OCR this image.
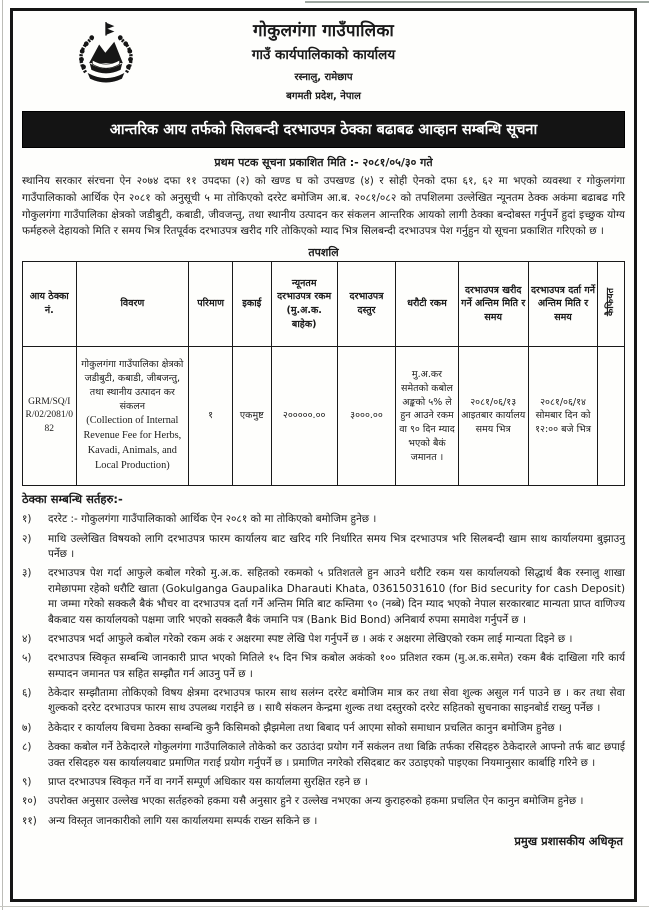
गोकुलगंगा गाउँपालिका
गाउँ कार्यपालिकाको कार्यालय
रस्नालु, रामेछाप
बगमती प्रदेश, नेपाल
आन्तरिक आय तर्फको सिलबन्दी दरभाउपत्र ठेक्का बढाबढ आव्हान सम्बन्धि सूचना
प्रथम पटक सूचना प्रकाशित मिति :- २०८१/०५/३० गते

स्थानिय सरकार संरचना ऐन २०७४ दफा ११ उपदफा (२) को खण्ड घ को उपखण्ड (४) र सोही ऐनको दफा ६१, ६२ मा भएको व्यवस्था र गोकुलगंगा गाउँपालिकाको आर्थिक ऐन २०८१ को अनुसूची ५ मा तोकिएको दररेट बमोजिम आ.ब. २०८१/०८२ को तपशिलमा उल्लेखित न्यूनतम ठेक्क अकंमा बढाबढ गरि गोकुलगंगा गाउँपालिका क्षेत्रको जडीबुटी, कबाडी, जीवजन्तु, तथा स्थानीय उत्पादन कर संकलन आन्तरिक आयको लागी ठेक्का बन्दोबस्त गर्नुपर्ने हुदां इच्छुक योग्य फर्महरुले देहायको मिति र समय भित्र रितपूर्वक दरभाउपत्र खरीद गरि तोकिएको म्याद भित्र सिलबन्दी दरभाउपत्र पेश गर्नुहुन यो सूचना प्रकाशित गरिएको छ ।

तपशलि
आय ठेक्का नं.	विवरण	परिमाण	इकाई	न्यूनतम दरभाउपत्र रकम (मु.अ.क. बाहेक)	दरभाउपत्र दस्तुर	धरौटी रकम	दरभाउपत्र खरीद गर्ने अन्तिम मिति र समय	दरभाउपत्र दर्ता गर्ने अन्तिम मिति र समय	कैफियत
GRM/SQ/IR/02/2081/082	गोकुलगंगा गाउँपालिका क्षेत्रको जडीबुटी, कबाडी, जीबजन्तु, तथा स्थानीय उत्पादन कर संकलन
(Collection of Internal Revenue Fee for Herbs, Kavadi, Animals, and Local Production)	१	एकमुष्ट	२०००००.००	३०००.००	मु.अ.कर समेतको कबोल अङ्कको ५% ले हुन आउने रकम वा ९० दिन म्याद भएको बैकं जमानत ।	२०८१/०६/१३ आइतबार कार्यालय समय भित्र	२०८१/०६/१४ सोमबार दिन को १२:०० बजे भित्र	
ठेक्का सम्बन्धि सर्तहरु:-
१)	दररेट :- गोकुलगंगा गाउँपालिकाको आर्थिक ऐन २०८१ को मा तोकिएको बमोजिम हुनेछ ।
२)	माथि उल्लेखित विषयको लागि दरभाउपत्र फारम कार्यालय बाट खरिद गरि निर्धारित समय भित्र दरभाउपत्र भरि सिलबन्दी खाम साथ कार्यालयमा बुझाउनु पर्नेछ ।
३)	दरभाउपत्र पेश गर्दा आफुले कबोल गरेको मु.अ.क. सहितको रकमको ५ प्रतिशतले हुन आउने धरौटि रकम यस कार्यालयको सिद्धार्थ बैक रस्नालु शाखा रामेछापमा रहेको धरौटि खाता (Gokulganga Gaupalika Dharauti Khata, 03615031610 (for Bid security for cash Deposit) मा जम्मा गरेको सक्कलै बैकं भौचर वा दरभाउपत्र दर्ता गर्ने अन्तिम मिति बाट कम्तिमा ९० (नब्बे) दिन म्याद भएको नेपाल सरकारबाट मान्यता प्राप्त वाणिज्य बैकबाट यस कार्यालयको पक्षमा जारि भएको सक्कलै बैकं जमानि पत्र (Bank Bid Bond) अनिबार्य रुपमा समावेश गर्नुपर्ने छ ।
४)	दरभाउपत्र भर्दा आफुले कबोल गरेको रकम अकं र अक्षरमा स्पष्ट लेखि पेश गर्नुपर्ने छ । अकं र अक्षरमा लेखिएको रकम लाई मान्यता दिइने छ ।
५)	दरभाउपत्र स्विकृत सम्बन्धि जानकारी प्राप्त भएको मितिले १५ दिन भित्र कबोल अकंको १०० प्रतिशत रकम (मु.अ.क.समेत) रकम बैकं दाखिला गरि कार्य सम्पादन जमानत पत्र सहित सम्झौत गर्न आउनु पर्ने छ ।
६)	ठेकेदार सम्झौतामा तोकिएको विषय क्षेत्रमा दरभाउपत्र फारम साथ सलंग्न दररेट बमोजिम मात्र कर तथा सेवा शुल्क असुल गर्न पाउने छ । कर तथा सेवा शुल्कको दररेट दरभाउपत्र फारम साथ उपलब्ध गराईने छ । साथै संकलन केन्द्रमा शुल्क तथा दस्तुरको दररेट सहितको सुचनाका साइनबोर्ड राख्नु पर्नेछ ।
७)	ठेकेदार र कार्यालय बिचमा ठेक्का सम्बन्धि कुनै किसिमको झैझमेला तथा बिबाद पर्न आएमा सोको समाधान प्रचलित कानुन बमोजिम हुनेछ ।
८)	ठेक्का कबोल गर्ने ठेकेदारले गोकुलगंगा गाउँपालिकाले तोकेको कर उठाउंदा प्रयोग गर्ने सकंलन तथा बिक्रि तर्फका रसिदहरु ठेकेदारले आफ्नो तर्फ बाट छपाई उक्त रसिदहरु यस कार्यालयबाट प्रमाणित गराई प्रयोग गर्नुपर्ने छ । प्रमाणित नगरेको रसिदबाट कर उठाइएको पाइएका नियमानुसार कार्बाहि गरिने छ ।
९)	प्राप्त दरभाउपत्र स्विकृत गर्ने वा नगर्ने सम्पूर्ण अधिकार यस कार्यालमा सुरक्षित रहने छ ।
१०)	उपरोक्त अनुसार उल्लेख भएका सर्तहरुको हकमा यसै अनुसार हुने र उल्लेख नभएका अन्य कुराहरुको हकमा प्रचलित ऐन कानुन बमोजिम हुनेछ ।
११)	अन्य विस्तृत जानकारीको लागि यस कार्यालयमा सम्पर्क राख्न सकिने छ ।
प्रमुख प्रशासकीय अधिकृत
